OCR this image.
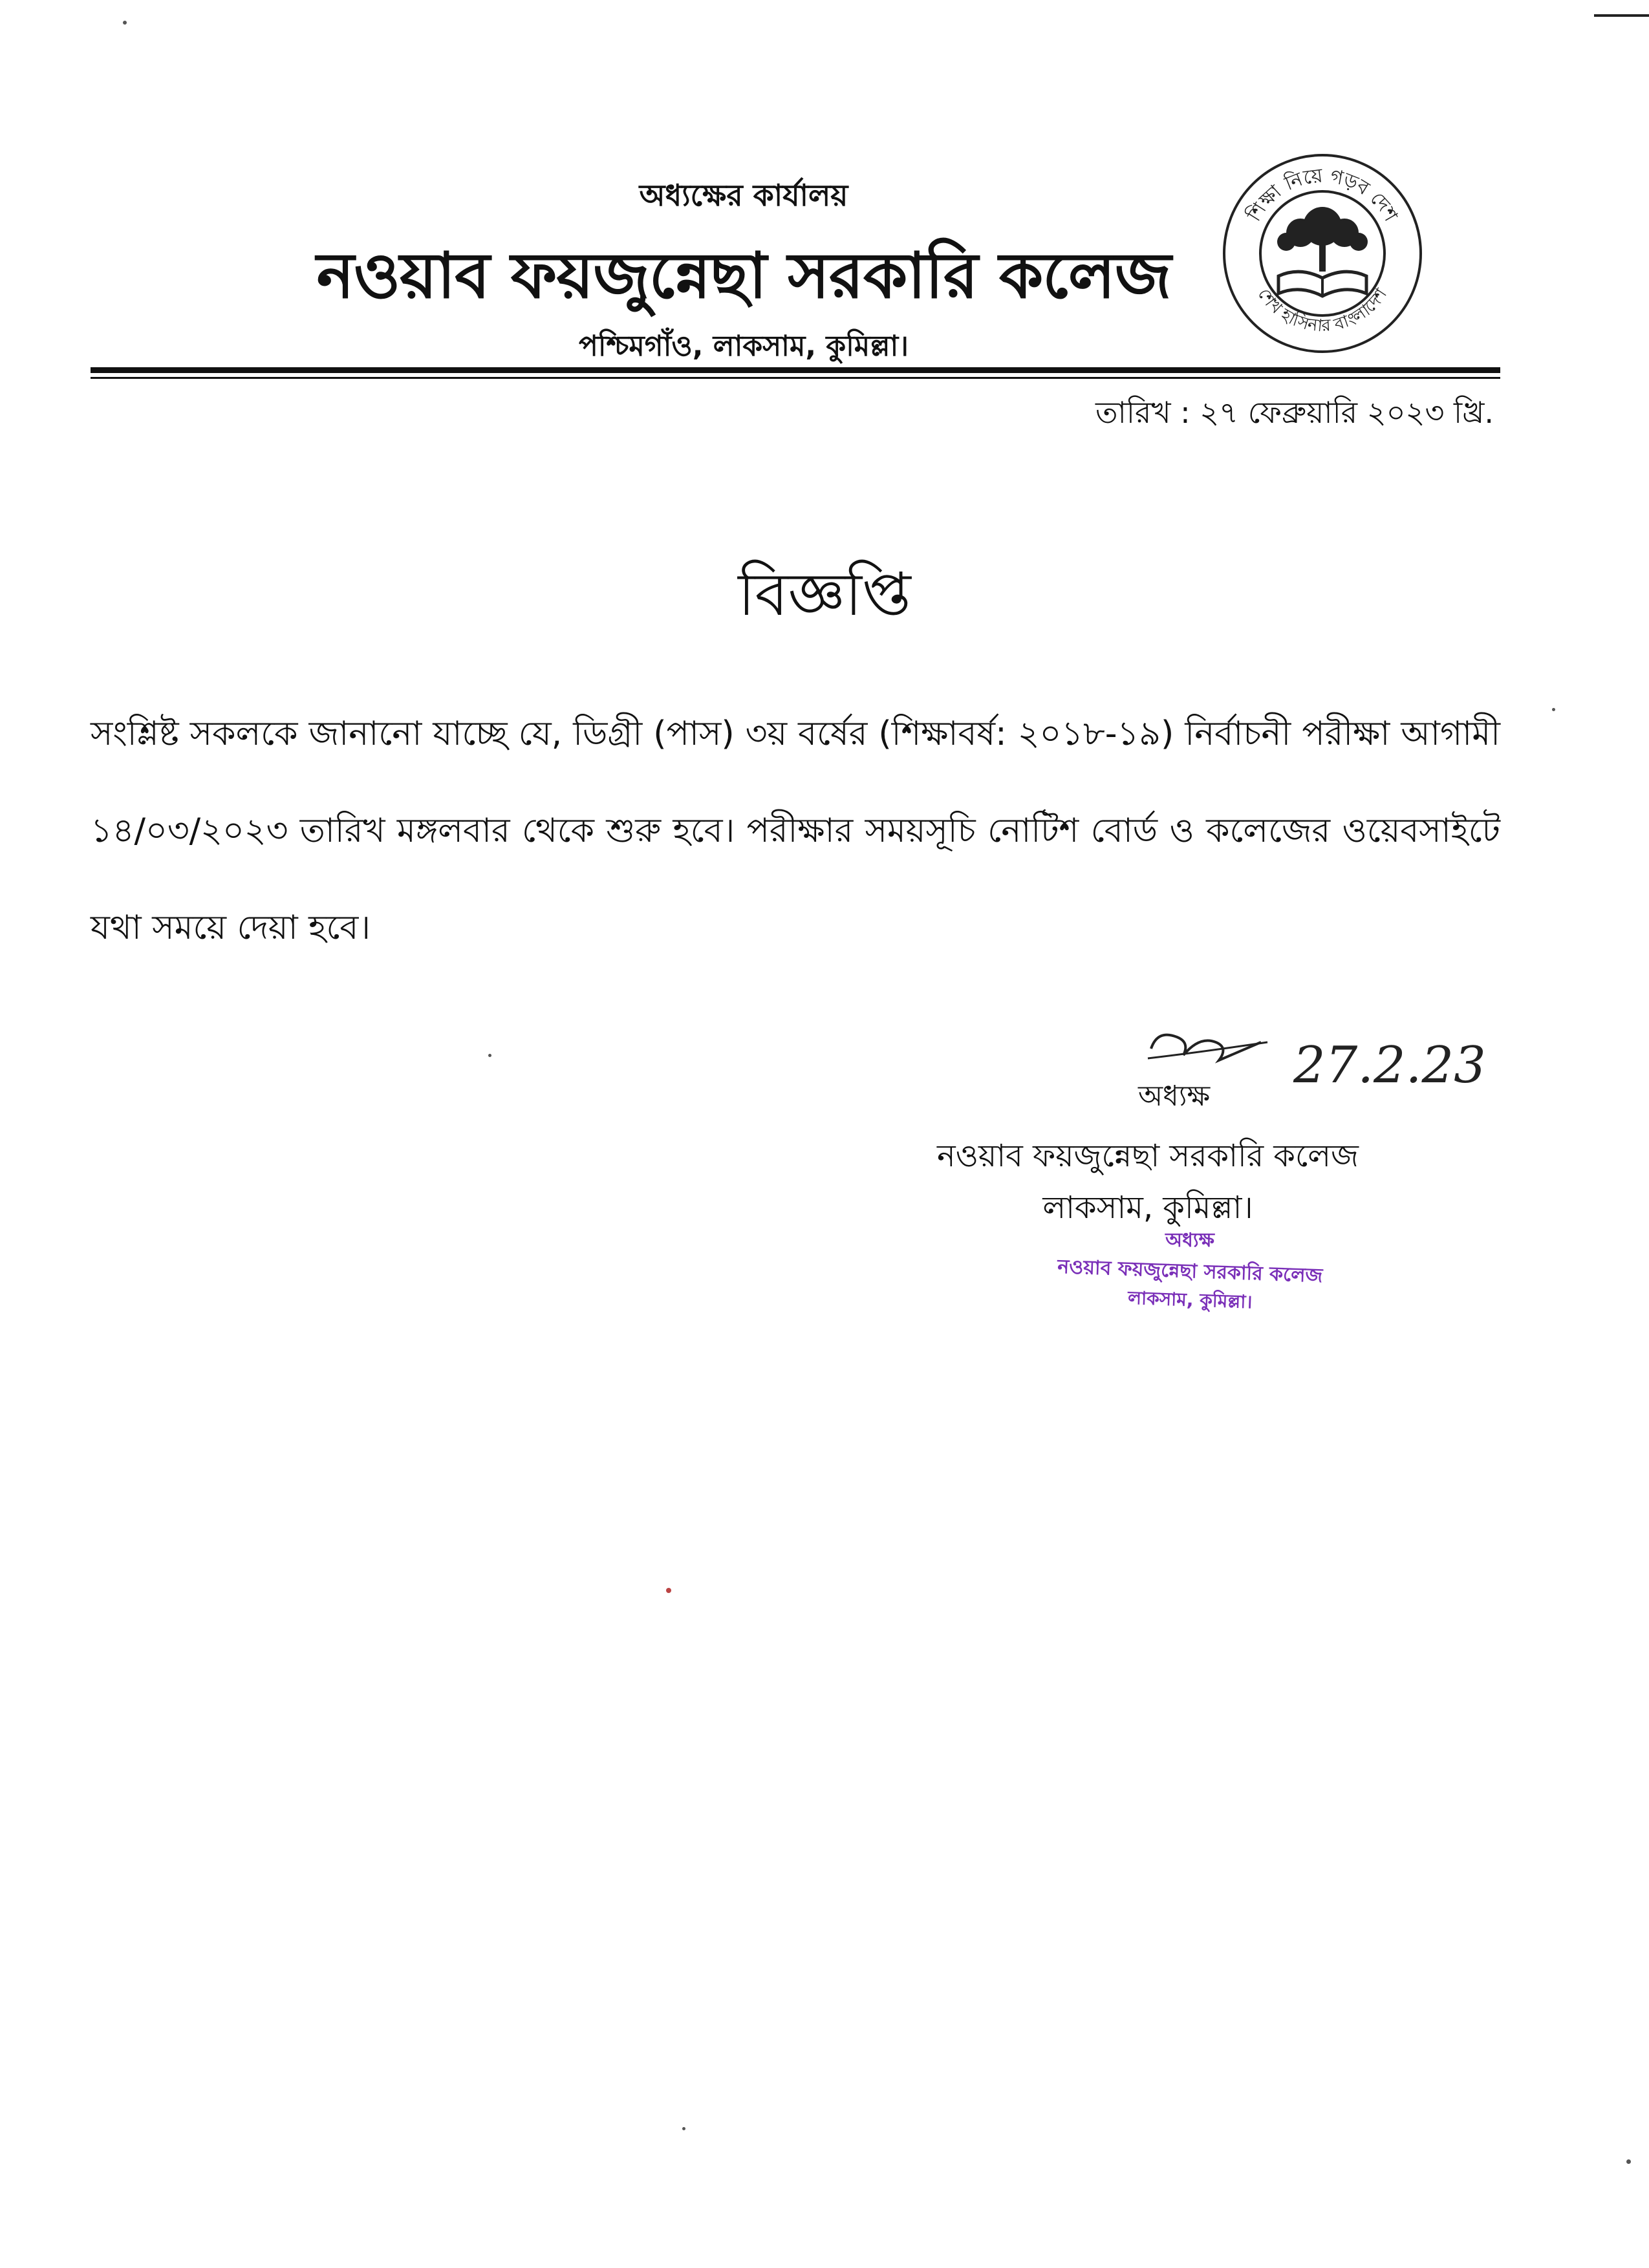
অধ্যক্ষের কার্যালয়
নওয়াব ফয়জুন্নেছা সরকারি কলেজ
পশ্চিমগাঁও, লাকসাম, কুমিল্লা।
শিক্ষা নিয়ে গড়ব দেশ
শেখ হাসিনার বাংলাদেশ
তারিখ : ২৭ ফেব্রুয়ারি ২০২৩ খ্রি.
বিজ্ঞপ্তি
সংশ্লিষ্ট সকলকে জানানো যাচ্ছে যে, ডিগ্রী (পাস) ৩য় বর্ষের (শিক্ষাবর্ষ: ২০১৮-১৯) নির্বাচনী পরীক্ষা আগামী ১৪/০৩/২০২৩ তারিখ মঙ্গলবার থেকে শুরু হবে। পরীক্ষার সময়সূচি নোটিশ বোর্ড ও কলেজের ওয়েবসাইটে যথা সময়ে দেয়া হবে।
27.2.23
অধ্যক্ষ
নওয়াব ফয়জুন্নেছা সরকারি কলেজ
লাকসাম, কুমিল্লা।
অধ্যক্ষ
নওয়াব ফয়জুন্নেছা সরকারি কলেজ
লাকসাম, কুমিল্লা।
